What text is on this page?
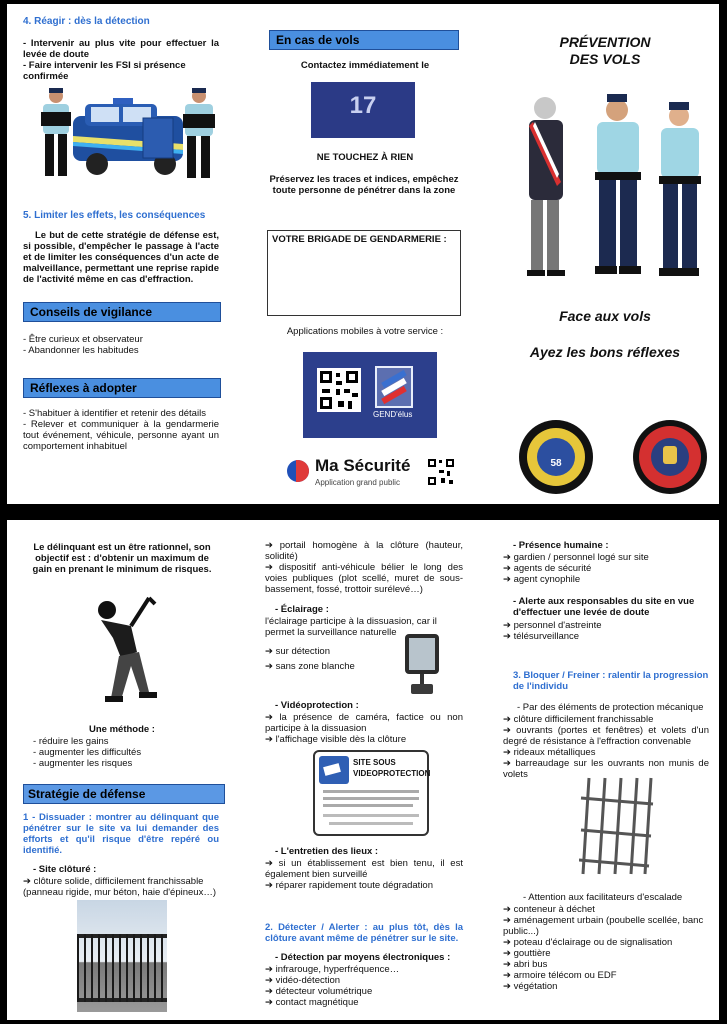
4. Réagir : dès la détection
- Intervenir au plus vite pour effectuer la levée de doute
- Faire intervenir les FSI si présence confirmée
5. Limiter les effets, les conséquences
Le but de cette stratégie de défense est, si possible, d'empêcher le passage à l'acte et de limiter les conséquences d'un acte de malveillance, permettant une reprise rapide de l'activité même en cas d'effraction.
Conseils de vigilance
- Être curieux et observateur
- Abandonner les habitudes
Réflexes à adopter
- S'habituer à identifier et retenir des détails
- Relever et communiquer à la gendarmerie tout événement, véhicule, personne ayant un comportement inhabituel
En cas de vols
Contactez immédiatement le
17
NE TOUCHEZ À RIEN
Préservez les traces et indices, empêchez toute personne de pénétrer dans la zone
VOTRE BRIGADE DE GENDARMERIE :
Applications mobiles à votre service :
GEND'élus
Ma Sécurité
Application grand public
PRÉVENTION
DES VOLS
Face aux vols
Ayez les bons réflexes
58
Le délinquant est un être rationnel, son objectif est : d'obtenir un maximum de gain en prenant le minimum de risques.
Une méthode :
- réduire les gains
- augmenter les difficultés
- augmenter les risques
Stratégie de défense
1 - Dissuader : montrer au délinquant que pénétrer sur le site va lui demander des efforts et qu'il risque d'être repéré ou identifié.
- Site clôturé :
➔ clôture solide, difficilement franchissable (panneau rigide, mur béton, haie d'épineux…)
➔ portail homogène à la clôture (hauteur, solidité)
➔ dispositif anti-véhicule bélier le long des voies publiques (plot scellé, muret de sous-bassement, fossé, trottoir surélevé…)
- Éclairage :
l'éclairage participe à la dissuasion, car il permet la surveillance naturelle
➔ sur détection
➔ sans zone blanche
- Vidéoprotection :
➔ la présence de caméra, factice ou non participe à la dissuasion
➔ l'affichage visible dès la clôture
SITE SOUS
VIDEOPROTECTION
- L'entretien des lieux :
➔ si un établissement est bien tenu, il est également bien surveillé
➔ réparer rapidement toute dégradation
2. Détecter / Alerter : au plus tôt, dès la clôture avant même de pénétrer sur le site.
- Détection par moyens électroniques :
➔ infrarouge, hyperfréquence…
➔ vidéo-détection
➔ détecteur volumétrique
➔ contact magnétique
- Présence humaine :
➔ gardien / personnel logé sur site
➔ agents de sécurité
➔ agent cynophile
- Alerte aux responsables du site en vue d'effectuer une levée de doute
➔ personnel d'astreinte
➔ télésurveillance
3. Bloquer / Freiner : ralentir la progression de l'individu
- Par des éléments de protection mécanique
➔ clôture difficilement franchissable
➔ ouvrants (portes et fenêtres) et volets d'un degré de résistance à l'effraction convenable
➔ rideaux métalliques
➔ barreaudage sur les ouvrants non munis de volets
- Attention aux facilitateurs d'escalade
➔ conteneur à déchet
➔ aménagement urbain (poubelle scellée, banc public...)
➔ poteau d'éclairage ou de signalisation
➔ gouttière
➔ abri bus
➔ armoire télécom ou EDF
➔ végétation
